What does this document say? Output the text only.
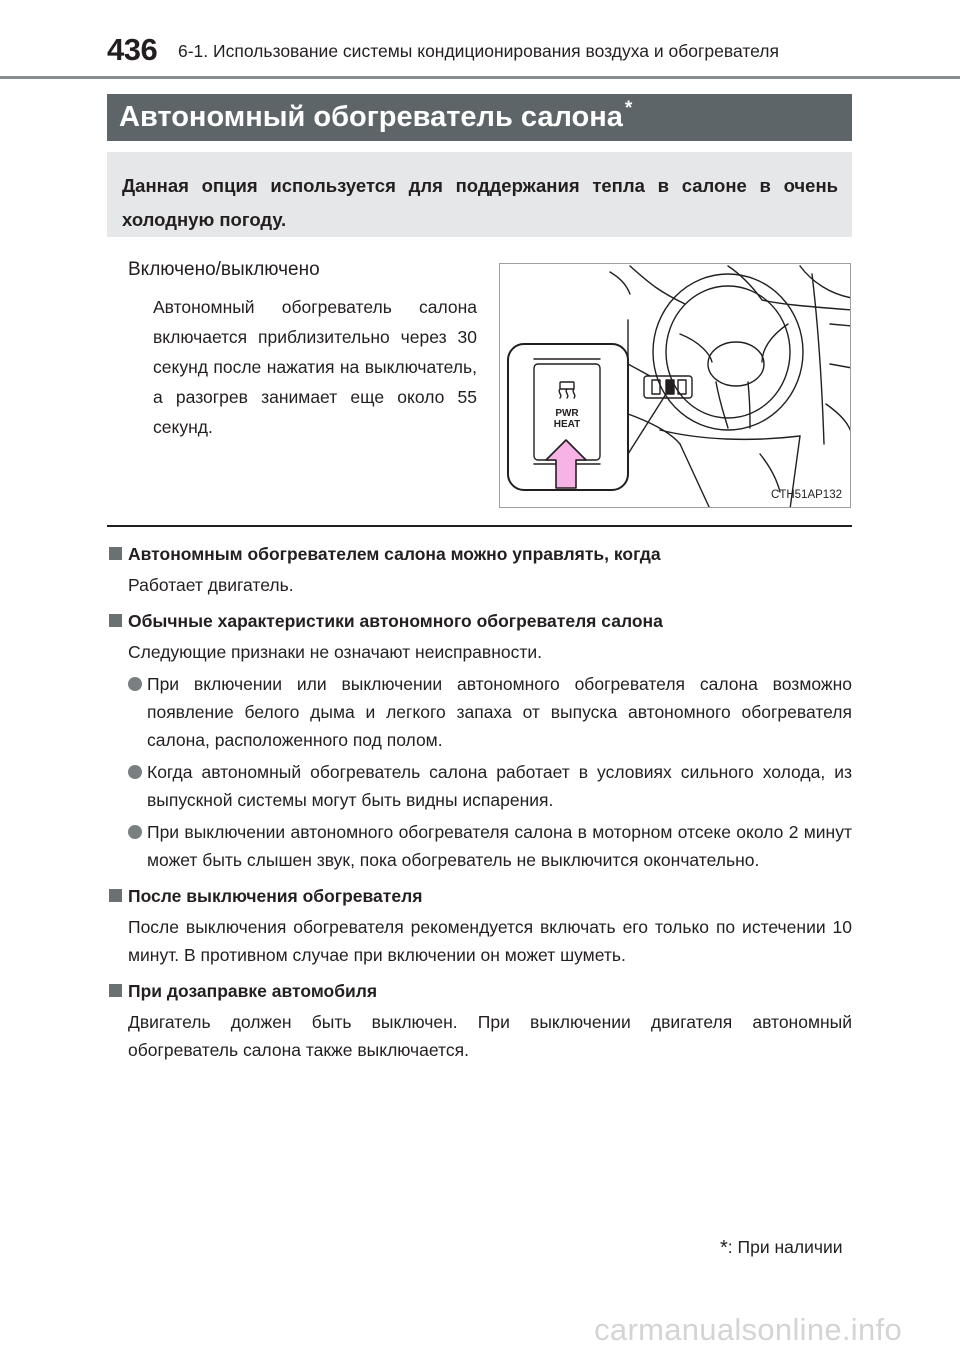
436 6-1. Использование системы кондиционирования воздуха и обогревателя
Автономный обогреватель салона *

Данная опция используется для поддержания тепла в салоне в очень холодную погоду.

Включено/выключено

Автономный обогреватель салона включается приблизительно через 30 секунд после нажатия на выключатель, а разогрев занимает еще около 55 секунд.

PWR
HEAT
CTH51AP132

Автономным обогревателем салона можно управлять, когда

Работает двигатель.

Обычные характеристики автономного обогревателя салона

Следующие признаки не означают неисправности.

При включении или выключении автономного обогревателя салона возможно появление белого дыма и легкого запаха от выпуска автономного обогревателя салона, расположенного под полом.
Когда автономный обогреватель салона работает в условиях сильного холода, из выпускной системы могут быть видны испарения.
При выключении автономного обогревателя салона в моторном отсеке около 2 минут может быть слышен звук, пока обогреватель не выключится окончательно.

После выключения обогревателя

После выключения обогревателя рекомендуется включать его только по истечении 10 минут. В противном случае при включении он может шуметь.

При дозаправке автомобиля

Двигатель должен быть выключен. При выключении двигателя автономный обогреватель салона также выключается.

*: При наличии
carmanualsonline.info
